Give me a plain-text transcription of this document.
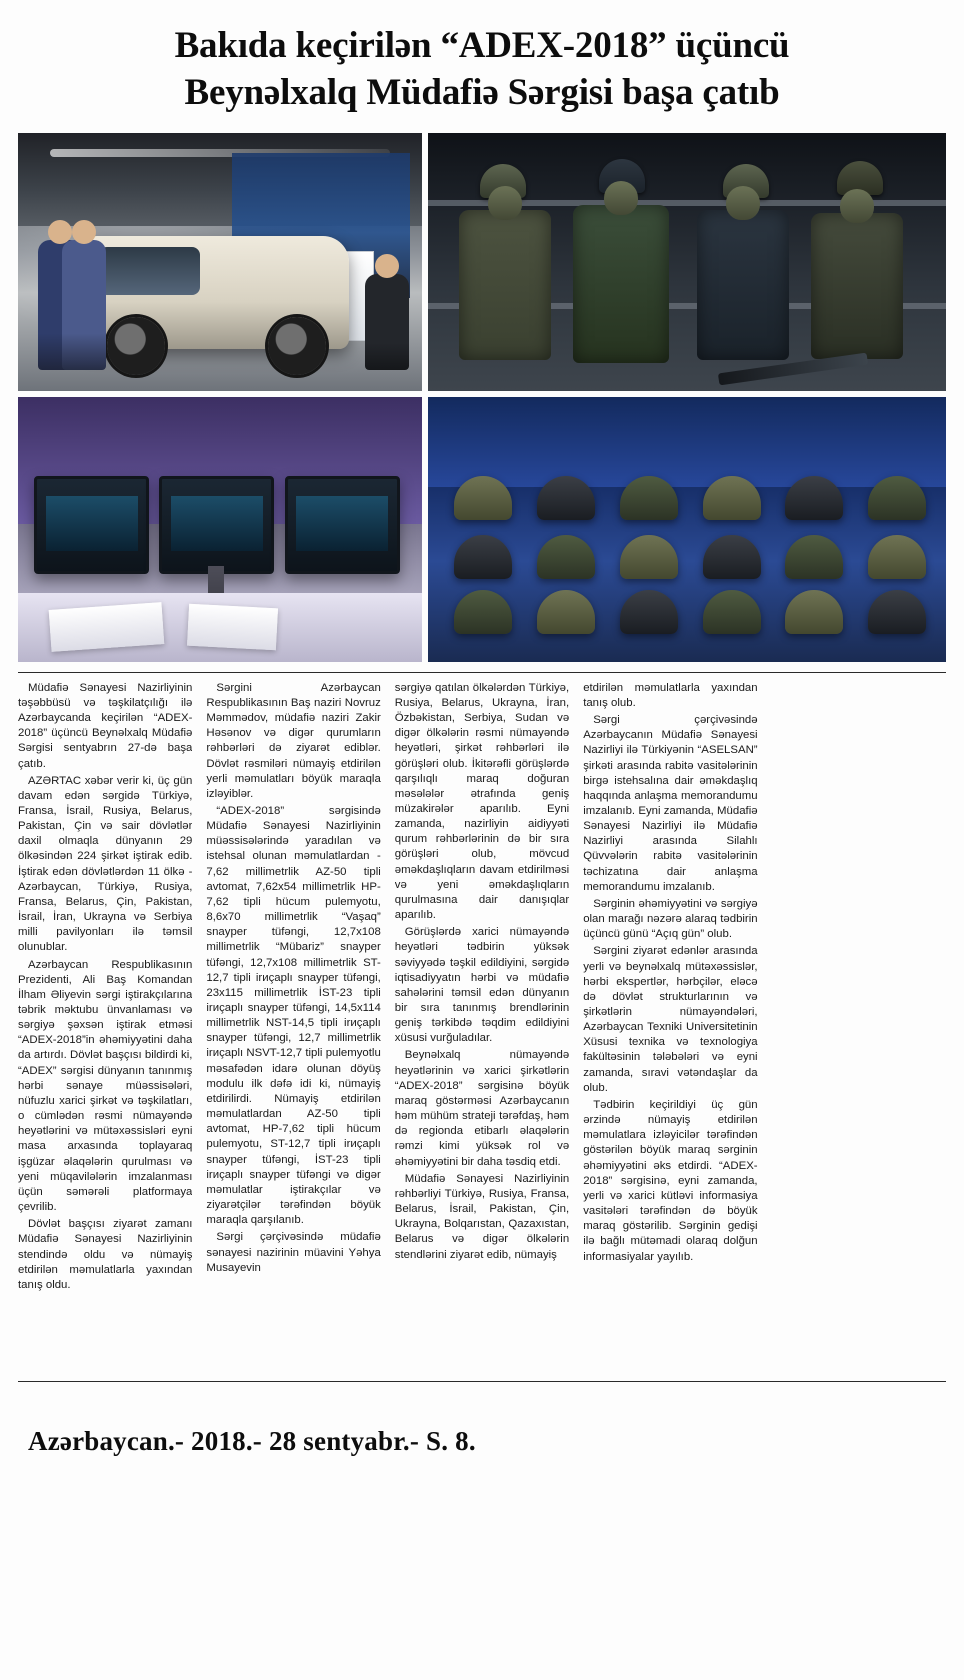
Bakıda keçirilən “ADEX-2018” üçüncü
Beynəlxalq Müdafiə Sərgisi başa çatıb

Müdafiə Sənayesi Nazirliyinin təşəbbüsü və təşkilatçılığı ilə Azərbaycanda keçirilən “ADEX-2018” üçüncü Beynəlxalq Müdafiə Sərgisi sentyabrın 27-də başa çatıb.

AZƏRTAC xəbər verir ki, üç gün davam edən sərgidə Türkiyə, Fransa, İsrail, Rusiya, Belarus, Pakistan, Çin və sair dövlətlər daxil olmaqla dünyanın 29 ölkəsindən 224 şirkət iştirak edib. İştirak edən dövlətlərdən 11 ölkə - Azərbaycan, Türkiyə, Rusiya, Fransa, Belarus, Çin, Pakistan, İsrail, İran, Ukrayna və Serbiya milli pavilyonları ilə təmsil olunublar.

Azərbaycan Respublikasının Prezidenti, Ali Baş Komandan İlham Əliyevin sərgi iştirakçılarına təbrik məktubu ünvanlaması və sərgiyə şəxsən iştirak etməsi “ADEX-2018”in əhəmiyyətini daha da artırdı. Dövlət başçısı bildirdi ki, “ADEX” sərgisi dünyanın tanınmış hərbi sənaye müəssisələri, nüfuzlu xarici şirkət və təşkilatları, o cümlədən rəsmi nümayəndə heyətlərini və mütəxəssisləri eyni masa arxasında toplayaraq işgüzar əlaqələrin qurulması və yeni müqavilələrin imzalanması üçün səmərəli platformaya çevrilib.

Dövlət başçısı ziyarət zamanı Müdafiə Sənayesi Nazirliyinin stendində oldu və nümayiş etdirilən məmulatlarla yaxından tanış oldu.

Sərgini Azərbaycan Respublikasının Baş naziri Novruz Məmmədov, müdafiə naziri Zakir Həsənov və digər qurumların rəhbərləri də ziyarət ediblər. Dövlət rəsmiləri nümayiş etdirilən yerli məmulatları böyük maraqla izləyiblər.

“ADEX-2018” sərgisində Müdafiə Sənayesi Nazirliyinin müəssisələrində yaradılan və istehsal olunan məmulatlardan - 7,62 millimetrlik AZ-50 tipli avtomat, 7,62x54 millimetrlik HP-7,62 tipli hücum pulemyotu, 8,6x70 millimetrlik “Vaşaq” snayper tüfəngi, 12,7x108 millimetrlik “Mübariz” snayper tüfəngi, 12,7x108 millimetrlik ST-12,7 tipli irиçaplı snayper tüfəngi, 23x115 millimetrlik İST-23 tipli irиçaplı snayper tüfəngi, 14,5x114 millimetrlik NST-14,5 tipli irиçaplı snayper tüfəngi, 12,7 millimetrlik irиçaplı NSVT-12,7 tipli pulemyotlu məsafədən idarə olunan döyüş modulu ilk dəfə idi ki, nümayiş etdirilirdi. Nümayiş etdirilən məmulatlardan AZ-50 tipli avtomat, HP-7,62 tipli hücum pulemyotu, ST-12,7 tipli irиçaplı snayper tüfəngi, İST-23 tipli irиçaplı snayper tüfəngi və digər məmulatlar iştirakçılar və ziyarətçilər tərəfindən böyük maraqla qarşılanıb.

Sərgi çərçivəsində müdafiə sənayesi nazirinin müavini Yəhya Musayevin

sərgiyə qatılan ölkələrdən Türkiyə, Rusiya, Belarus, Ukrayna, İran, Özbəkistan, Serbiya, Sudan və digər ölkələrin rəsmi nümayəndə heyətləri, şirkət rəhbərləri ilə görüşləri olub. İkitərəfli görüşlərdə qarşılıqlı maraq doğuran məsələlər ətrafında geniş müzakirələr aparılıb. Eyni zamanda, nazirliyin aidiyyəti qurum rəhbərlərinin də bir sıra görüşləri olub, mövcud əməkdaşlıqların davam etdirilməsi və yeni əməkdaşlıqların qurulmasına dair danışıqlar aparılıb.

Görüşlərdə xarici nümayəndə heyətləri tədbirin yüksək səviyyədə təşkil edildiyini, sərgidə iqtisadiyyatın hərbi və müdafiə sahələrini təmsil edən dünyanın bir sıra tanınmış brendlərinin geniş tərkibdə təqdim edildiyini xüsusi vurğuladılar.

Beynəlxalq nümayəndə heyətlərinin və xarici şirkətlərin “ADEX-2018” sərgisinə böyük maraq göstərməsi Azərbaycanın həm mühüm strateji tərəfdaş, həm də regionda etibarlı əlaqələrin rəmzi kimi yüksək rol və əhəmiyyətini bir daha təsdiq etdi.

Müdafiə Sənayesi Nazirliyinin rəhbərliyi Türkiyə, Rusiya, Fransa, Belarus, İsrail, Pakistan, Çin, Ukrayna, Bolqarıstan, Qazaxıstan, Belarus və digər ölkələrin stendlərini ziyarət edib, nümayiş

etdirilən məmulatlarla yaxından tanış olub.

Sərgi çərçivəsində Azərbaycanın Müdafiə Sənayesi Nazirliyi ilə Türkiyənin “ASELSAN” şirkəti arasında rabitə vasitələrinin birgə istehsalına dair əməkdaşlıq haqqında anlaşma memorandumu imzalanıb. Eyni zamanda, Müdafiə Sənayesi Nazirliyi ilə Müdafiə Nazirliyi arasında Silahlı Qüvvələrin rabitə vasitələrinin təchizatına dair anlaşma memorandumu imzalanıb.

Sərginin əhəmiyyətini və sərgiyə olan marağı nəzərə alaraq tədbirin üçüncü günü “Açıq gün” olub.

Sərgini ziyarət edənlər arasında yerli və beynəlxalq mütəxəssislər, hərbi ekspertlər, hərbçilər, eləcə də dövlət strukturlarının və şirkətlərin nümayəndələri, Azərbaycan Texniki Universitetinin Xüsusi texnika və texnologiya fakültəsinin tələbələri və eyni zamanda, sıravi vətəndaşlar da olub.

Tədbirin keçirildiyi üç gün ərzində nümayiş etdirilən məmulatlara izləyicilər tərəfindən göstərilən böyük maraq sərginin əhəmiyyətini əks etdirdi. “ADEX-2018” sərgisinə, eyni zamanda, yerli və xarici kütləvi informasiya vasitələri tərəfindən də böyük maraq göstərilib. Sərginin gedişi ilə bağlı mütəmadi olaraq dolğun informasiyalar yayılıb.

Azərbaycan.- 2018.- 28 sentyabr.- S. 8.
